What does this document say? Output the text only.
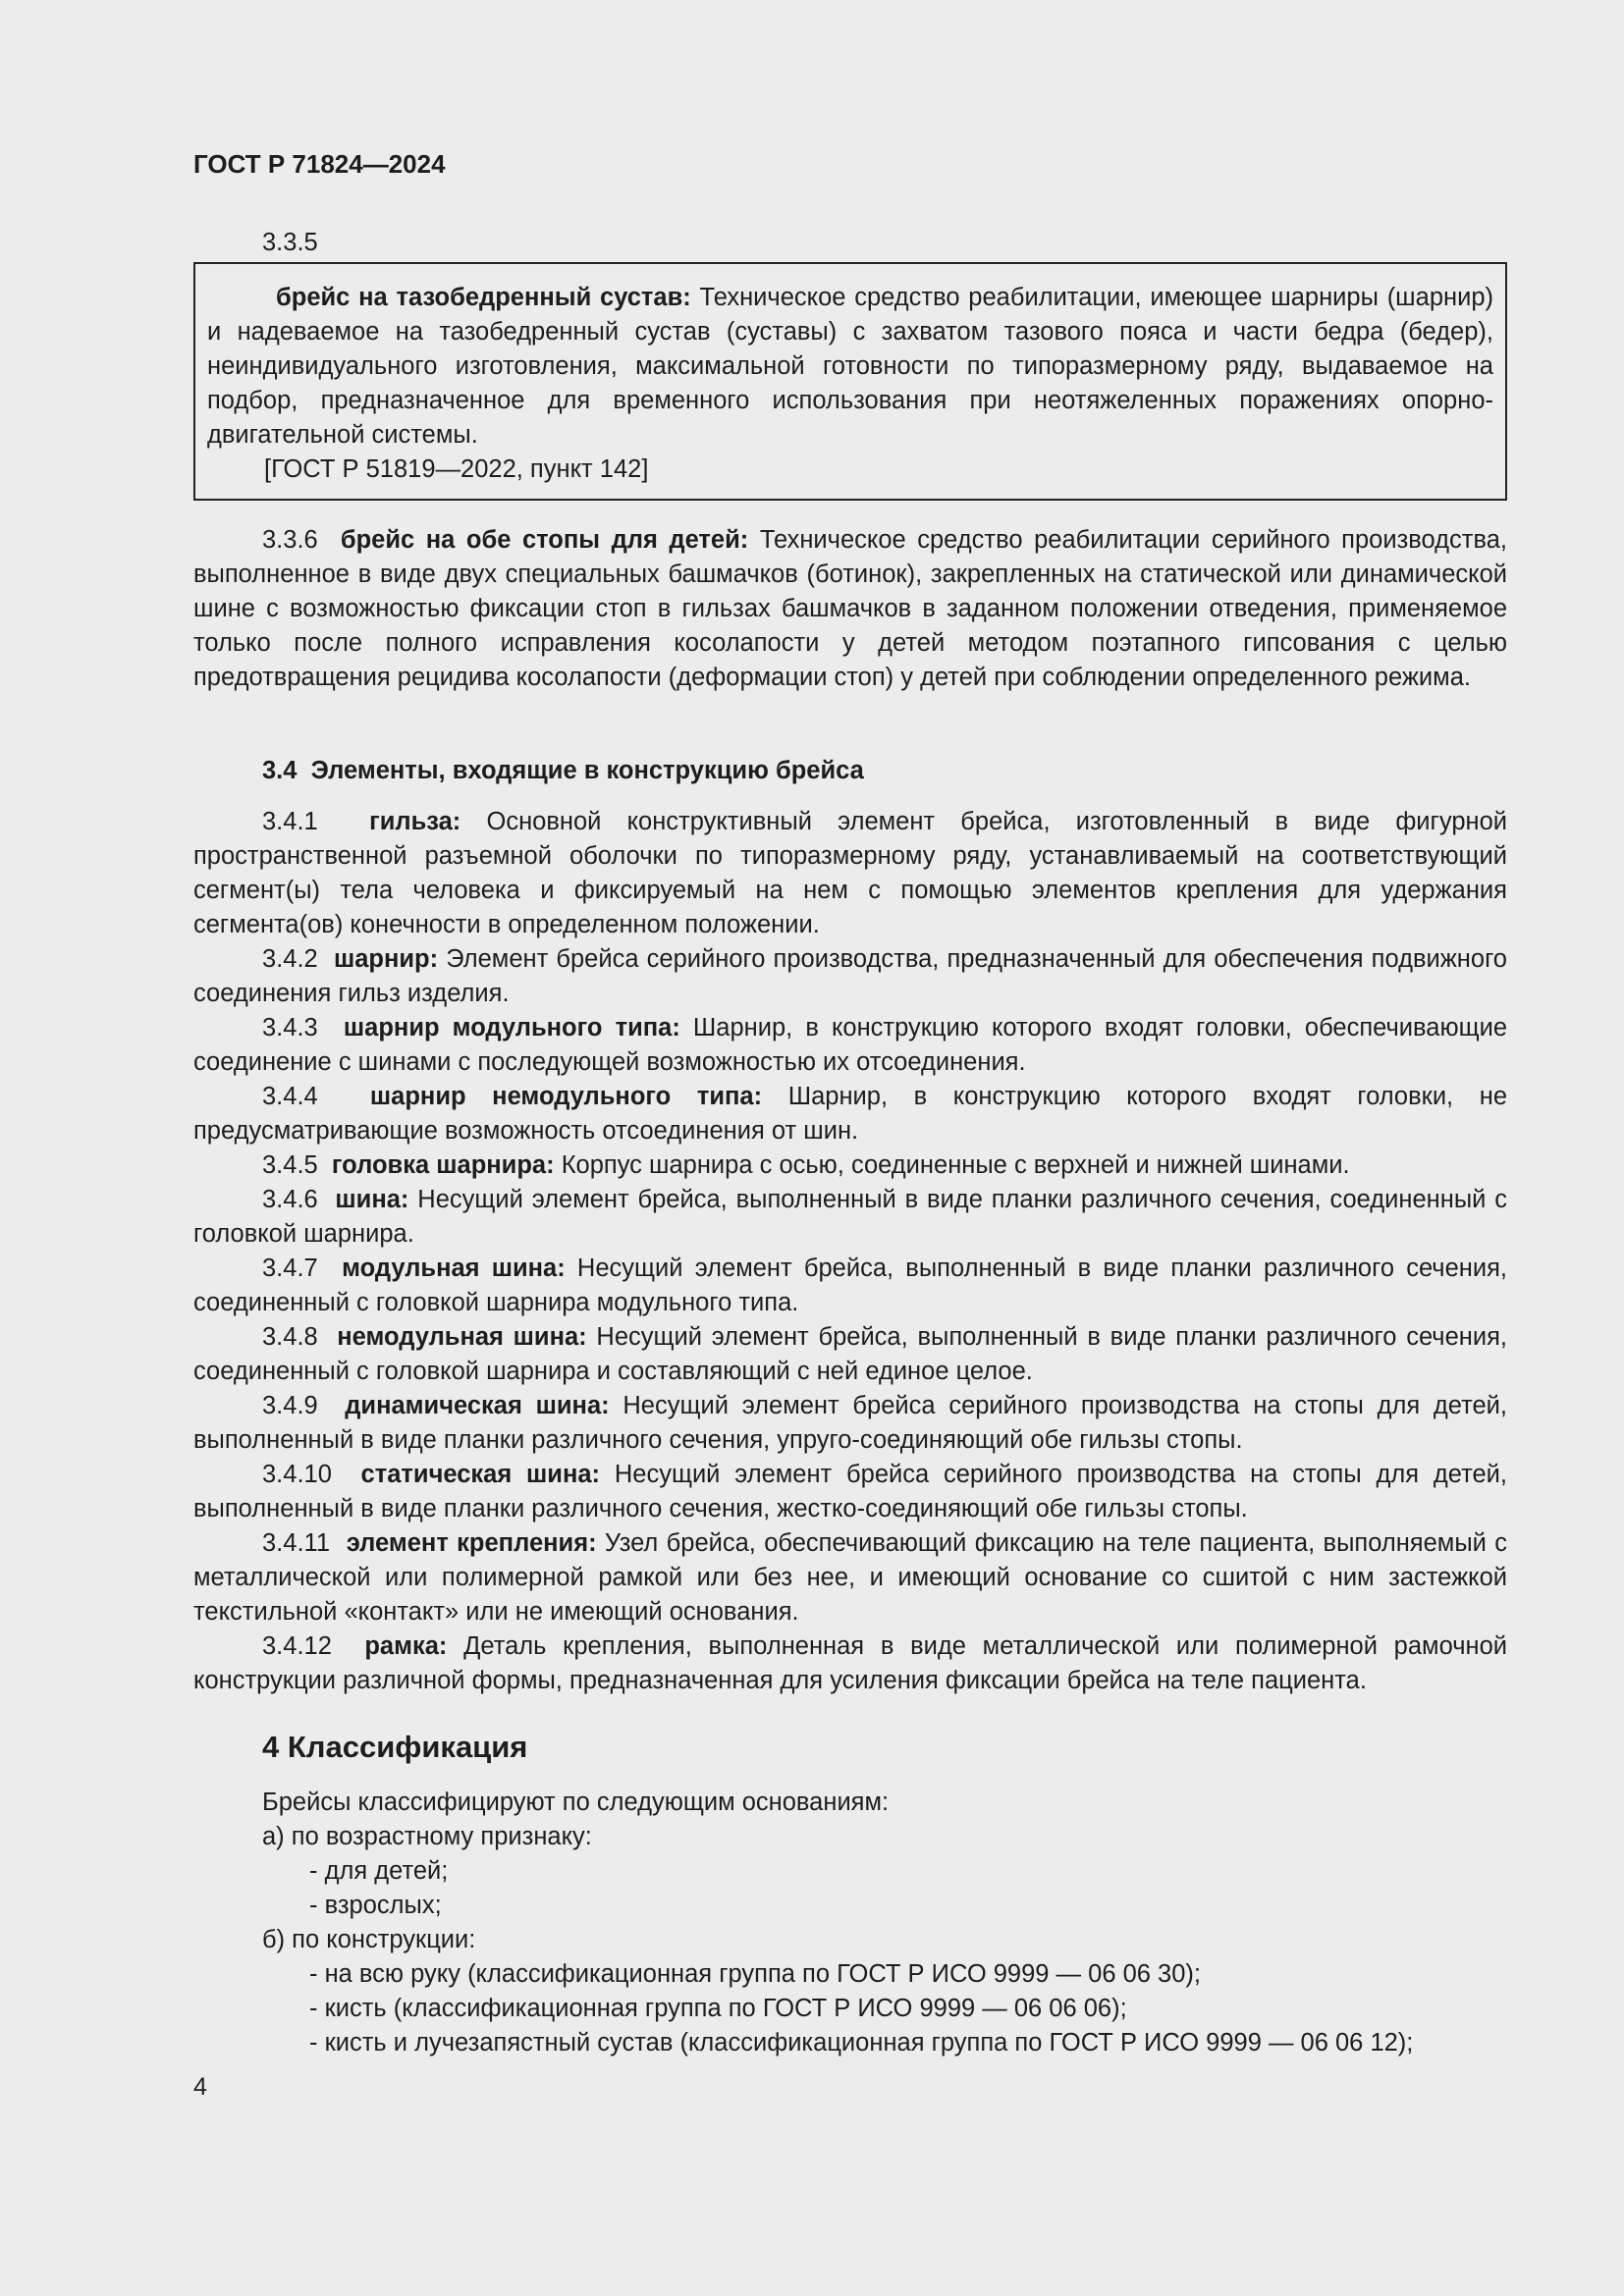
ГОСТ Р 71824—2024
3.3.5

брейс на тазобедренный сустав: Техническое средство реабилитации, имеющее шарниры (шарнир) и надеваемое на тазобедренный сустав (суставы) с захватом тазового пояса и части бедра (бедер), неиндивидуального изготовления, максимальной готовности по типоразмерному ряду, выдаваемое на подбор, предназначенное для временного использования при неотяжеленных поражениях опорно-двигательной системы.

[ГОСТ Р 51819—2022, пункт 142]

3.3.6 брейс на обе стопы для детей: Техническое средство реабилитации серийного производства, выполненное в виде двух специальных башмачков (ботинок), закрепленных на статической или динамической шине с возможностью фиксации стоп в гильзах башмачков в заданном положении отведения, применяемое только после полного исправления косолапости у детей методом поэтапного гипсования с целью предотвращения рецидива косолапости (деформации стоп) у детей при соблюдении определенного режима.

3.4 Элементы, входящие в конструкцию брейса

3.4.1 гильза: Основной конструктивный элемент брейса, изготовленный в виде фигурной пространственной разъемной оболочки по типоразмерному ряду, устанавливаемый на соответствующий сегмент(ы) тела человека и фиксируемый на нем с помощью элементов крепления для удержания сегмента(ов) конечности в определенном положении.

3.4.2 шарнир: Элемент брейса серийного производства, предназначенный для обеспечения подвижного соединения гильз изделия.

3.4.3 шарнир модульного типа: Шарнир, в конструкцию которого входят головки, обеспечивающие соединение с шинами с последующей возможностью их отсоединения.

3.4.4 шарнир немодульного типа: Шарнир, в конструкцию которого входят головки, не предусматривающие возможность отсоединения от шин.

3.4.5 головка шарнира: Корпус шарнира с осью, соединенные с верхней и нижней шинами.

3.4.6 шина: Несущий элемент брейса, выполненный в виде планки различного сечения, соединенный с головкой шарнира.

3.4.7 модульная шина: Несущий элемент брейса, выполненный в виде планки различного сечения, соединенный с головкой шарнира модульного типа.

3.4.8 немодульная шина: Несущий элемент брейса, выполненный в виде планки различного сечения, соединенный с головкой шарнира и составляющий с ней единое целое.

3.4.9 динамическая шина: Несущий элемент брейса серийного производства на стопы для детей, выполненный в виде планки различного сечения, упруго-соединяющий обе гильзы стопы.

3.4.10 статическая шина: Несущий элемент брейса серийного производства на стопы для детей, выполненный в виде планки различного сечения, жестко-соединяющий обе гильзы стопы.

3.4.11 элемент крепления: Узел брейса, обеспечивающий фиксацию на теле пациента, выполняемый с металлической или полимерной рамкой или без нее, и имеющий основание со сшитой с ним застежкой текстильной «контакт» или не имеющий основания.

3.4.12 рамка: Деталь крепления, выполненная в виде металлической или полимерной рамочной конструкции различной формы, предназначенная для усиления фиксации брейса на теле пациента.

4 Классификация

Брейсы классифицируют по следующим основаниям:
а) по возрастному признаку:
- для детей;
- взрослых;
б) по конструкции:
- на всю руку (классификационная группа по ГОСТ Р ИСО 9999 — 06 06 30);
- кисть (классификационная группа по ГОСТ Р ИСО 9999 — 06 06 06);
- кисть и лучезапястный сустав (классификационная группа по ГОСТ Р ИСО 9999 — 06 06 12);
4
